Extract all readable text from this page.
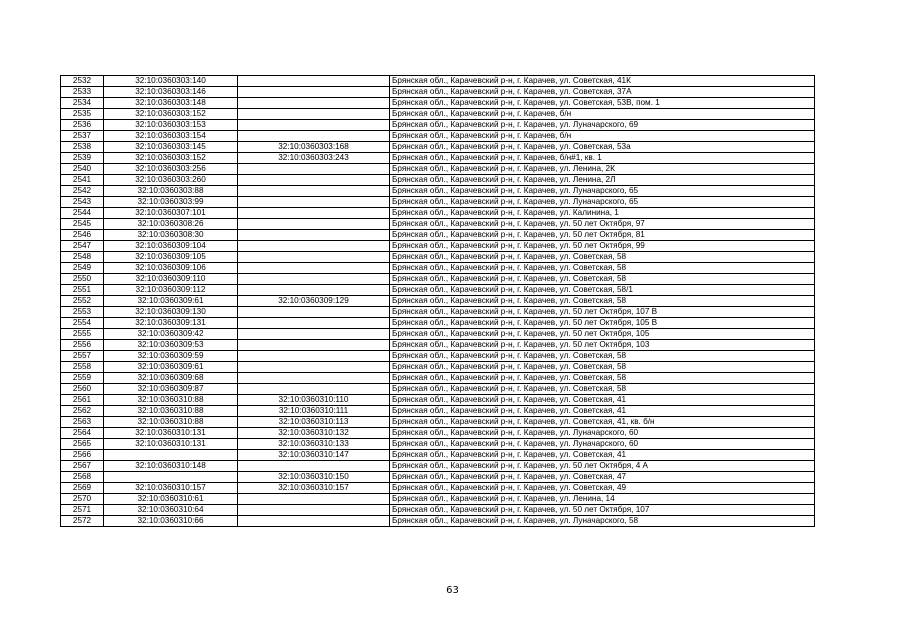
2532	32:10:0360303:140		Брянская обл., Карачевский р-н, г. Карачев, ул. Советская, 41К
2533	32:10:0360303:146		Брянская обл., Карачевский р-н, г. Карачев, ул. Советская, 37А
2534	32:10:0360303:148		Брянская обл., Карачевский р-н, г. Карачев, ул. Советская, 53В, пом. 1
2535	32:10:0360303:152		Брянская обл., Карачевский р-н, г. Карачев, б/н
2536	32:10:0360303:153		Брянская обл., Карачевский р-н, г. Карачев, ул. Луначарского, 69
2537	32:10:0360303:154		Брянская обл., Карачевский р-н, г. Карачев, б/н
2538	32:10:0360303:145	32:10:0360303:168	Брянская обл., Карачевский р-н, г. Карачев, ул. Советская, 53а
2539	32:10:0360303:152	32:10:0360303:243	Брянская обл., Карачевский р-н, г. Карачев, б/н#1, кв. 1
2540	32:10:0360303:256		Брянская обл., Карачевский р-н, г. Карачев, ул. Ленина, 2К
2541	32:10:0360303:260		Брянская обл., Карачевский р-н, г. Карачев, ул. Ленина, 2Л
2542	32:10:0360303:88		Брянская обл., Карачевский р-н, г. Карачев, ул. Луначарского, 65
2543	32:10:0360303:99		Брянская обл., Карачевский р-н, г. Карачев, ул. Луначарского, 65
2544	32:10:0360307:101		Брянская обл., Карачевский р-н, г. Карачев, ул. Калинина, 1
2545	32:10:0360308:26		Брянская обл., Карачевский р-н, г. Карачев, ул. 50 лет Октября, 97
2546	32:10:0360308:30		Брянская обл., Карачевский р-н, г. Карачев, ул. 50 лет Октября, 81
2547	32:10:0360309:104		Брянская обл., Карачевский р-н, г. Карачев, ул. 50 лет Октября, 99
2548	32:10:0360309:105		Брянская обл., Карачевский р-н, г. Карачев, ул. Советская, 58
2549	32:10:0360309:106		Брянская обл., Карачевский р-н, г. Карачев, ул. Советская, 58
2550	32:10:0360309:110		Брянская обл., Карачевский р-н, г. Карачев, ул. Советская, 58
2551	32:10:0360309:112		Брянская обл., Карачевский р-н, г. Карачев, ул. Советская, 58/1
2552	32:10:0360309:61	32:10:0360309:129	Брянская обл., Карачевский р-н, г. Карачев, ул. Советская, 58
2553	32:10:0360309:130		Брянская обл., Карачевский р-н, г. Карачев, ул. 50 лет Октября, 107 В
2554	32:10:0360309:131		Брянская обл., Карачевский р-н, г. Карачев, ул. 50 лет Октября, 105 В
2555	32:10:0360309:42		Брянская обл., Карачевский р-н, г. Карачев, ул. 50 лет Октября, 105
2556	32:10:0360309:53		Брянская обл., Карачевский р-н, г. Карачев, ул. 50 лет Октября, 103
2557	32:10:0360309:59		Брянская обл., Карачевский р-н, г. Карачев, ул. Советская, 58
2558	32:10:0360309:61		Брянская обл., Карачевский р-н, г. Карачев, ул. Советская, 58
2559	32:10:0360309:68		Брянская обл., Карачевский р-н, г. Карачев, ул. Советская, 58
2560	32:10:0360309:87		Брянская обл., Карачевский р-н, г. Карачев, ул. Советская, 58
2561	32:10:0360310:88	32:10:0360310:110	Брянская обл., Карачевский р-н, г. Карачев, ул. Советская, 41
2562	32:10:0360310:88	32:10:0360310:111	Брянская обл., Карачевский р-н, г. Карачев, ул. Советская, 41
2563	32:10:0360310:88	32:10:0360310:113	Брянская обл., Карачевский р-н, г. Карачев, ул. Советская, 41, кв. б/н
2564	32:10:0360310:131	32:10:0360310:132	Брянская обл., Карачевский р-н, г. Карачев, ул. Луначарского, 60
2565	32:10:0360310:131	32:10:0360310:133	Брянская обл., Карачевский р-н, г. Карачев, ул. Луначарского, 60
2566		32:10:0360310:147	Брянская обл., Карачевский р-н, г. Карачев, ул. Советская, 41
2567	32:10:0360310:148		Брянская обл., Карачевский р-н, г. Карачев, ул. 50 лет Октября, 4 А
2568		32:10:0360310:150	Брянская обл., Карачевский р-н, г. Карачев, ул. Советская, 47
2569	32:10:0360310:157	32:10:0360310:157	Брянская обл., Карачевский р-н, г. Карачев, ул. Советская, 49
2570	32:10:0360310:61		Брянская обл., Карачевский р-н, г. Карачев, ул. Ленина, 14
2571	32:10:0360310:64		Брянская обл., Карачевский р-н, г. Карачев, ул. 50 лет Октября, 107
2572	32:10:0360310:66		Брянская обл., Карачевский р-н, г. Карачев, ул. Луначарского, 58
63
